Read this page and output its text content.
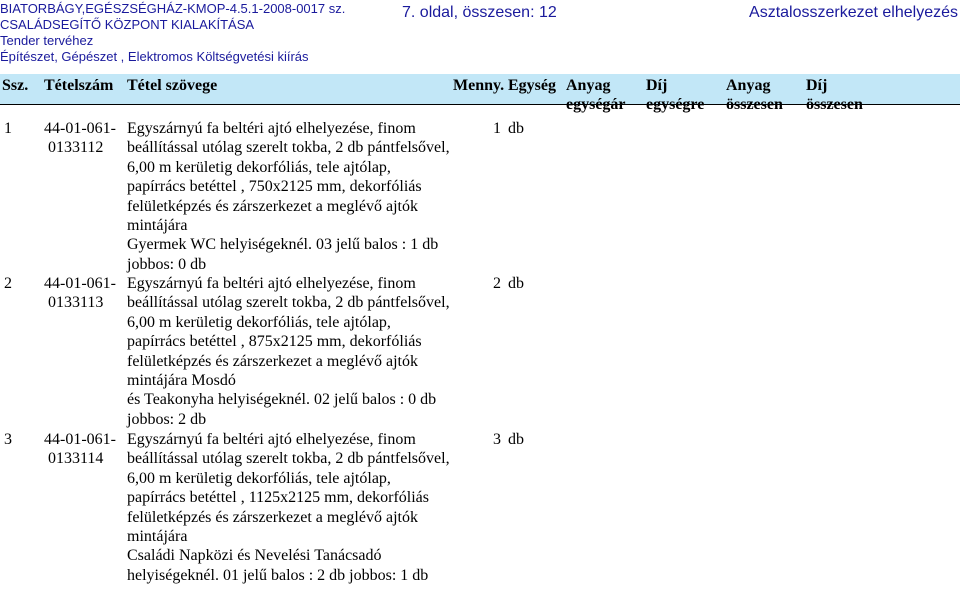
BIATORBÁGY,EGÉSZSÉGHÁZ-KMOP-4.5.1-2008-0017 sz.
CSALÁDSEGÍTŐ KÖZPONT KIALAKÍTÁSA
Tender tervéhez
Építészet, Gépészet , Elektromos Költségvetési kiírás
7. oldal, összesen: 12	Asztalosszerkezet elhelyezés
Ssz. Tételszám Tétel szövege	Menny. Egység Anyag
egységár
Díj
egységre
Anyag
összesen
Díj
összesen
1 44-01-061-
0133112
1 db
Egyszárnyú fa beltéri ajtó elhelyezése, finom
beállítással utólag szerelt tokba, 2 db pántfelsővel,
6,00 m kerületig dekorfóliás, tele ajtólap,
papírrács betéttel , 750x2125 mm, dekorfóliás
felületképzés és zárszerkezet a meglévő ajtók
mintájára
Gyermek WC helyiségeknél. 03 jelű balos : 1 db
jobbos: 0 db
2 44-01-061-
0133113
2 db
Egyszárnyú fa beltéri ajtó elhelyezése, finom
beállítással utólag szerelt tokba, 2 db pántfelsővel,
6,00 m kerületig dekorfóliás, tele ajtólap,
papírrács betéttel , 875x2125 mm, dekorfóliás
felületképzés és zárszerkezet a meglévő ajtók
mintájára Mosdó
és Teakonyha helyiségeknél. 02 jelű balos : 0 db
jobbos: 2 db
3 44-01-061-
0133114
3 db
Egyszárnyú fa beltéri ajtó elhelyezése, finom
beállítással utólag szerelt tokba, 2 db pántfelsővel,
6,00 m kerületig dekorfóliás, tele ajtólap,
papírrács betéttel , 1125x2125 mm, dekorfóliás
felületképzés és zárszerkezet a meglévő ajtók
mintájára
Családi Napközi és Nevelési Tanácsadó
helyiségeknél. 01 jelű balos : 2 db jobbos: 1 db
